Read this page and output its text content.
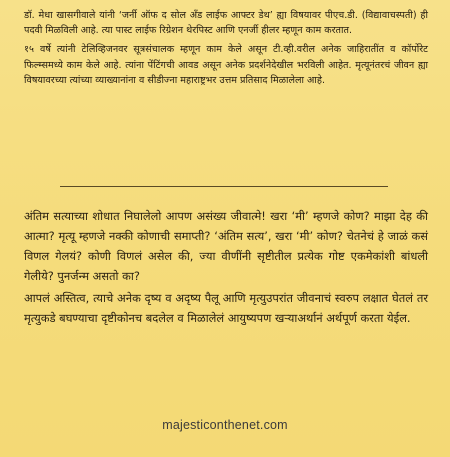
डॉ. मेधा खासगीवाले यांनी ‘जर्नी ऑफ द सोल अँड लाईफ आफ्टर डेथ’ ह्या विषयावर पीएच.डी. (विद्यावाचस्पती) ही पदवी मिळविली आहे. त्या पास्ट लाईफ रिग्रेशन थेरपिस्ट आणि एनर्जी हीलर म्हणून काम करतात.

१५ वर्षे त्यांनी टेलिव्हिजनवर सूत्रसंचालक म्हणून काम केले असून टी.व्ही.वरील अनेक जाहिरातींत व कॉर्पोरेट फिल्म्समध्ये काम केले आहे. त्यांना पेंटिंगची आवड असून अनेक प्रदर्शनेदेखील भरविली आहेत. मृत्यूनंतरचं जीवन ह्या विषयावरच्या त्यांच्या व्याख्यानांना व सीडीज्ना महाराष्ट्रभर उत्तम प्रतिसाद मिळालेला आहे.

अंतिम सत्याच्या शोधात निघालेलो आपण असंख्य जीवात्मे! खरा ‘मी’ म्हणजे कोण? माझा देह की आत्मा? मृत्यू म्हणजे नक्की कोणाची समाप्ती? ‘अंतिम सत्य’, खरा ‘मी’ कोण? चेतनेचं हे जाळं कसं विणल गेलयं? कोणी विणलं असेल की, ज्या वीणींनी सृष्टीतील प्रत्येक गोष्ट एकमेकांशी बांधली गेलीये? पुनर्जन्म असतो का?

आपलं अस्तित्व, त्याचे अनेक दृष्य व अदृष्य पैलू आणि मृत्युउपरांत जीवनाचं स्वरुप लक्षात घेतलं तर मृत्युकडे बघण्याचा दृष्टीकोनच बदलेल व मिळालेलं आयुष्यपण खऱ्याअर्थानं अर्थपूर्ण करता येईल.

majesticonthenet.com
